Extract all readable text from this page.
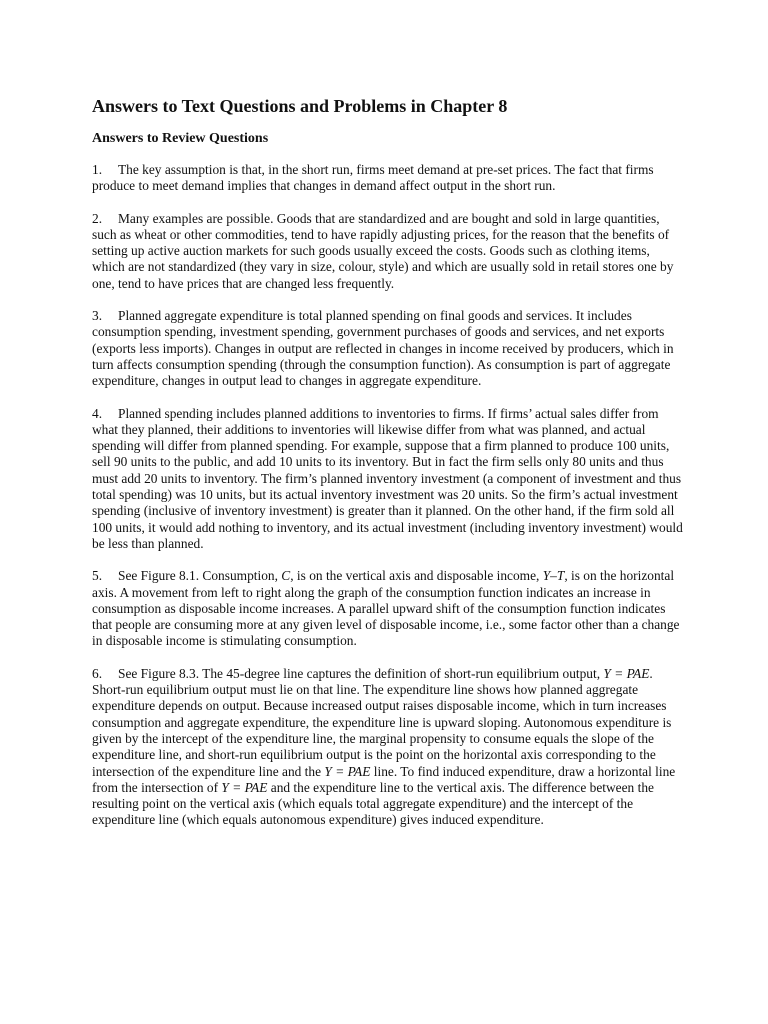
Answers to Text Questions and Problems in Chapter 8
Answers to Review Questions

1. The key assumption is that, in the short run, firms meet demand at pre-set prices. The fact that firms produce to meet demand implies that changes in demand affect output in the short run.

2. Many examples are possible. Goods that are standardized and are bought and sold in large quantities, such as wheat or other commodities, tend to have rapidly adjusting prices, for the reason that the benefits of setting up active auction markets for such goods usually exceed the costs. Goods such as clothing items, which are not standardized (they vary in size, colour, style) and which are usually sold in retail stores one by one, tend to have prices that are changed less frequently.

3. Planned aggregate expenditure is total planned spending on final goods and services. It includes consumption spending, investment spending, government purchases of goods and services, and net exports (exports less imports). Changes in output are reflected in changes in income received by producers, which in turn affects consumption spending (through the consumption function). As consumption is part of aggregate expenditure, changes in output lead to changes in aggregate expenditure.

4. Planned spending includes planned additions to inventories to firms. If firms’ actual sales differ from what they planned, their additions to inventories will likewise differ from what was planned, and actual spending will differ from planned spending. For example, suppose that a firm planned to produce 100 units, sell 90 units to the public, and add 10 units to its inventory. But in fact the firm sells only 80 units and thus must add 20 units to inventory. The firm’s planned inventory investment (a component of investment and thus total spending) was 10 units, but its actual inventory investment was 20 units. So the firm’s actual investment spending (inclusive of inventory investment) is greater than it planned. On the other hand, if the firm sold all 100 units, it would add nothing to inventory, and its actual investment (including inventory investment) would be less than planned.

5. See Figure 8.1. Consumption, C, is on the vertical axis and disposable income, Y–T, is on the horizontal axis. A movement from left to right along the graph of the consumption function indicates an increase in consumption as disposable income increases. A parallel upward shift of the consumption function indicates that people are consuming more at any given level of disposable income, i.e., some factor other than a change in disposable income is stimulating consumption.

6. See Figure 8.3. The 45-degree line captures the definition of short-run equilibrium output, Y = PAE. Short-run equilibrium output must lie on that line. The expenditure line shows how planned aggregate expenditure depends on output. Because increased output raises disposable income, which in turn increases consumption and aggregate expenditure, the expenditure line is upward sloping. Autonomous expenditure is given by the intercept of the expenditure line, the marginal propensity to consume equals the slope of the expenditure line, and short-run equilibrium output is the point on the horizontal axis corresponding to the intersection of the expenditure line and the Y = PAE line. To find induced expenditure, draw a horizontal line from the intersection of Y = PAE and the expenditure line to the vertical axis. The difference between the resulting point on the vertical axis (which equals total aggregate expenditure) and the intercept of the expenditure line (which equals autonomous expenditure) gives induced expenditure.
